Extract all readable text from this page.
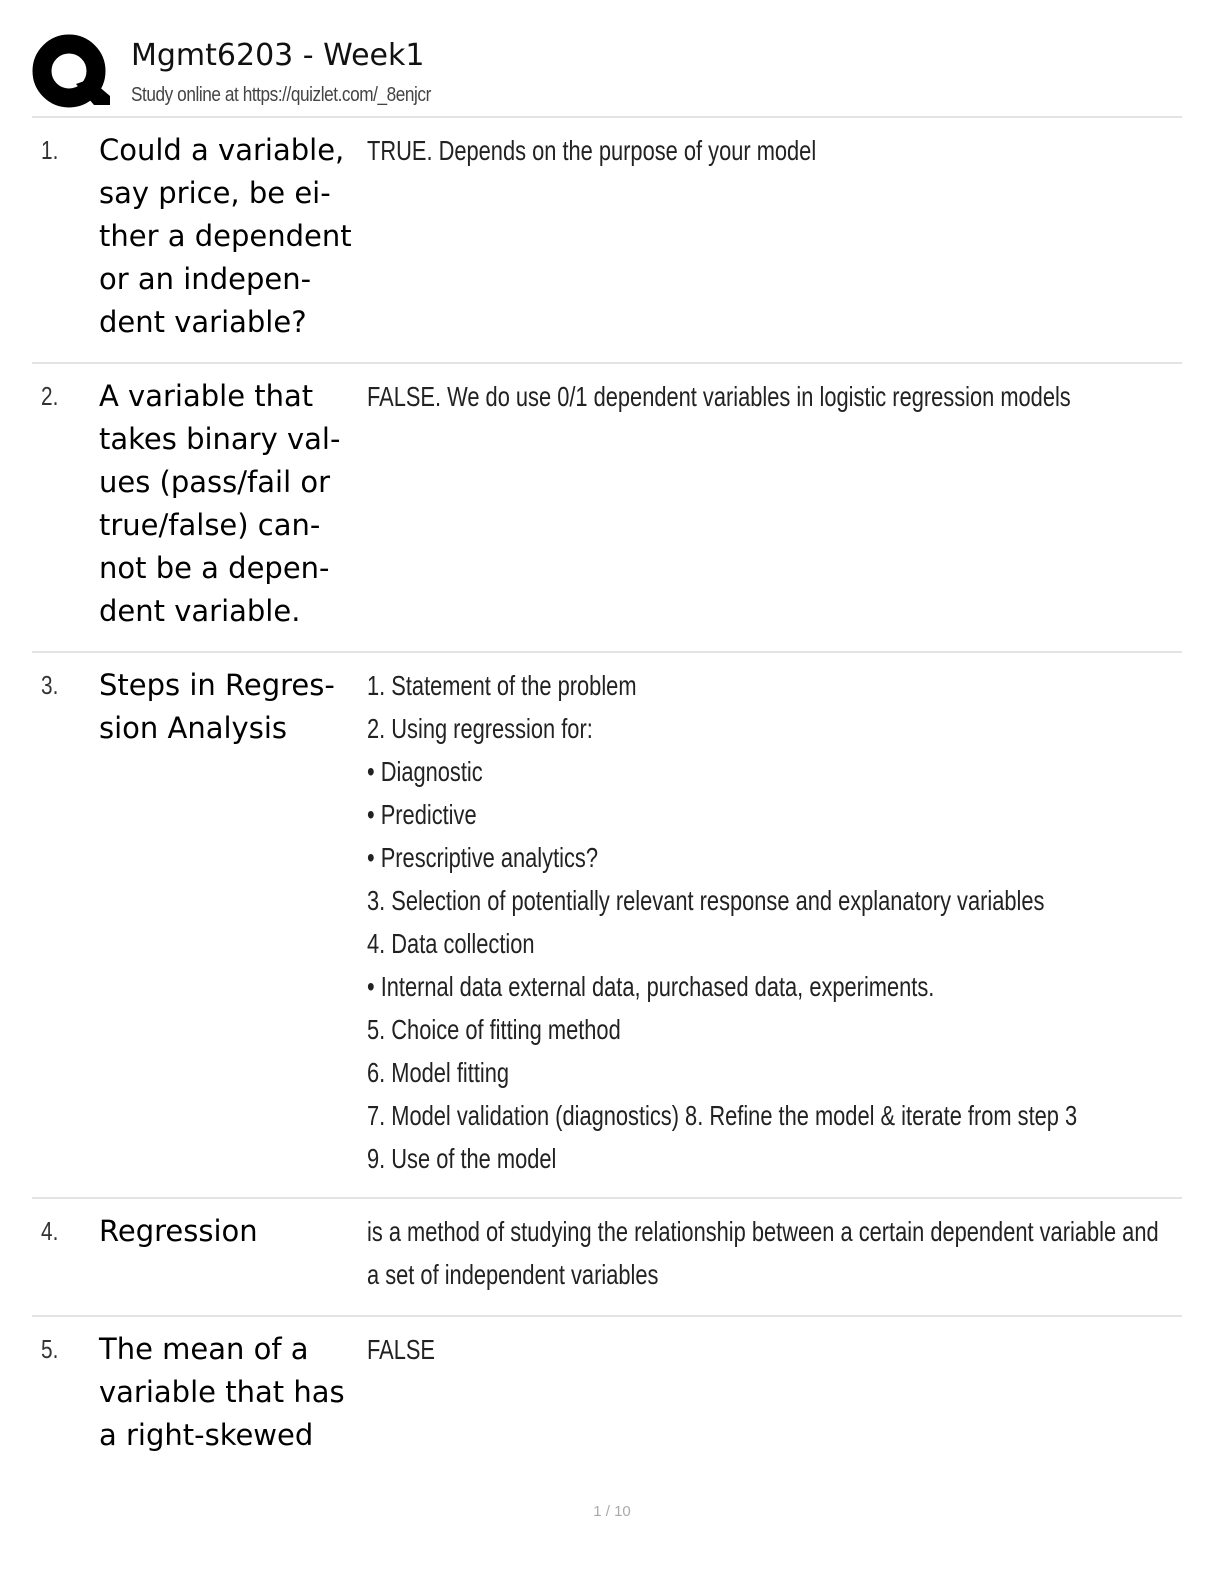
Mgmt6203 - Week1
Study online at https://quizlet.com/_8enjcr
1. Could a variable,
say price, be ei-
ther a dependent
or an indepen-
dent variable?
TRUE. Depends on the purpose of your model
2. A variable that
takes binary val-
ues (pass/fail or
true/false) can-
not be a depen-
dent variable.
FALSE. We do use 0/1 dependent variables in logistic regression models
3. Steps in Regres-
sion Analysis
1. Statement of the problem
2. Using regression for:
• Diagnostic
• Predictive
• Prescriptive analytics?
3. Selection of potentially relevant response and explanatory variables
4. Data collection
• Internal data external data, purchased data, experiments.
5. Choice of fitting method
6. Model fitting
7. Model validation (diagnostics) 8. Refine the model & iterate from step 3
9. Use of the model
4. Regression	is a method of studying the relationship between a certain dependent variable and
a set of independent variables
5. The mean of a
variable that has
a right-skewed
FALSE
1 / 10
